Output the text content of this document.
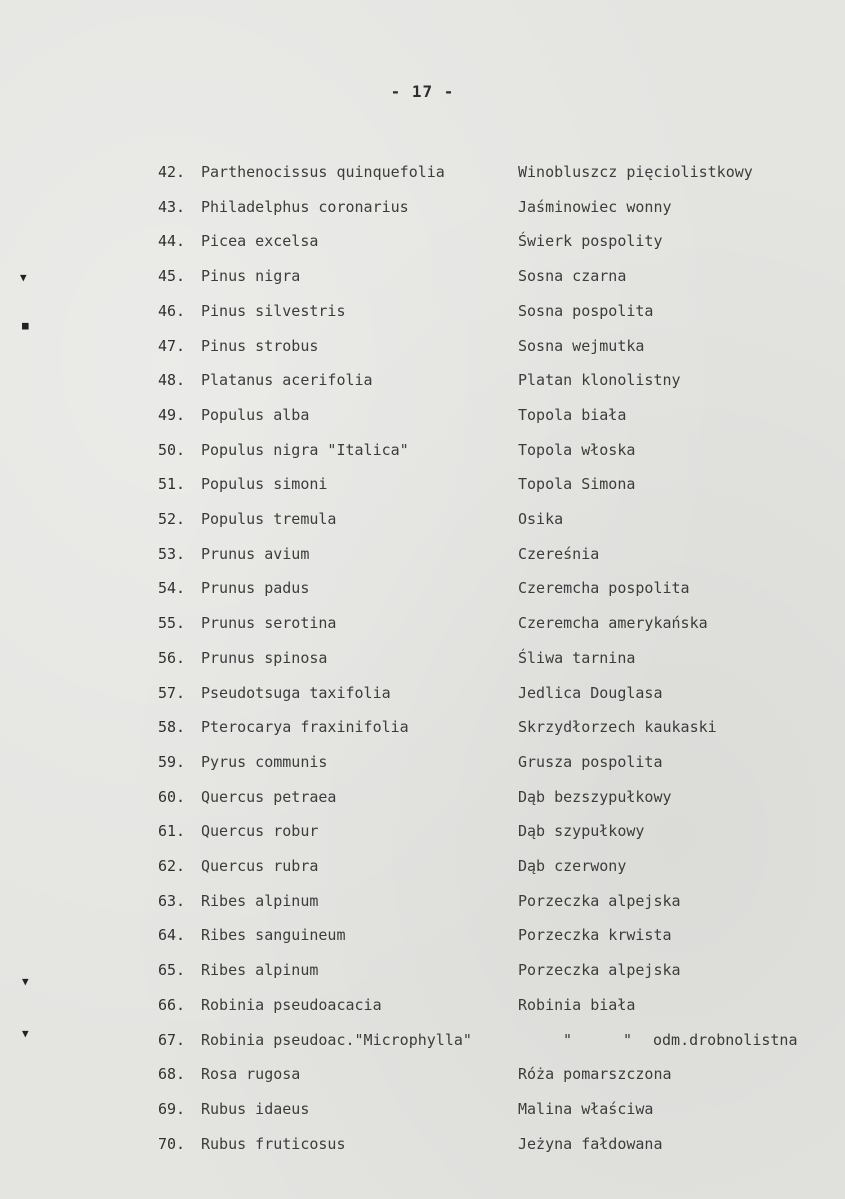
- 17 -
▼
■
▼
▼
42.	Parthenocissus quinquefolia	Winobluszcz pięciolistkowy
43.	Philadelphus coronarius	Jaśminowiec wonny
44.	Picea excelsa	Świerk pospolity
45.	Pinus nigra	Sosna czarna
46.	Pinus silvestris	Sosna pospolita
47.	Pinus strobus	Sosna wejmutka
48.	Platanus acerifolia	Platan klonolistny
49.	Populus alba	Topola biała
50.	Populus nigra "Italica"	Topola włoska
51.	Populus simoni	Topola Simona
52.	Populus tremula	Osika
53.	Prunus avium	Czereśnia
54.	Prunus padus	Czeremcha pospolita
55.	Prunus serotina	Czeremcha amerykańska
56.	Prunus spinosa	Śliwa tarnina
57.	Pseudotsuga taxifolia	Jedlica Douglasa
58.	Pterocarya fraxinifolia	Skrzydłorzech kaukaski
59.	Pyrus communis	Grusza pospolita
60.	Quercus petraea	Dąb bezszypułkowy
61.	Quercus robur	Dąb szypułkowy
62.	Quercus rubra	Dąb czerwony
63.	Ribes alpinum	Porzeczka alpejska
64.	Ribes sanguineum	Porzeczka krwista
65.	Ribes alpinum	Porzeczka alpejska
66.	Robinia pseudoacacia	Robinia biała
67.	Robinia pseudoac."Microphylla"	"	" odm.drobnolistna
68.	Rosa rugosa	Róża pomarszczona
69.	Rubus idaeus	Malina właściwa
70.	Rubus fruticosus	Jeżyna fałdowana
